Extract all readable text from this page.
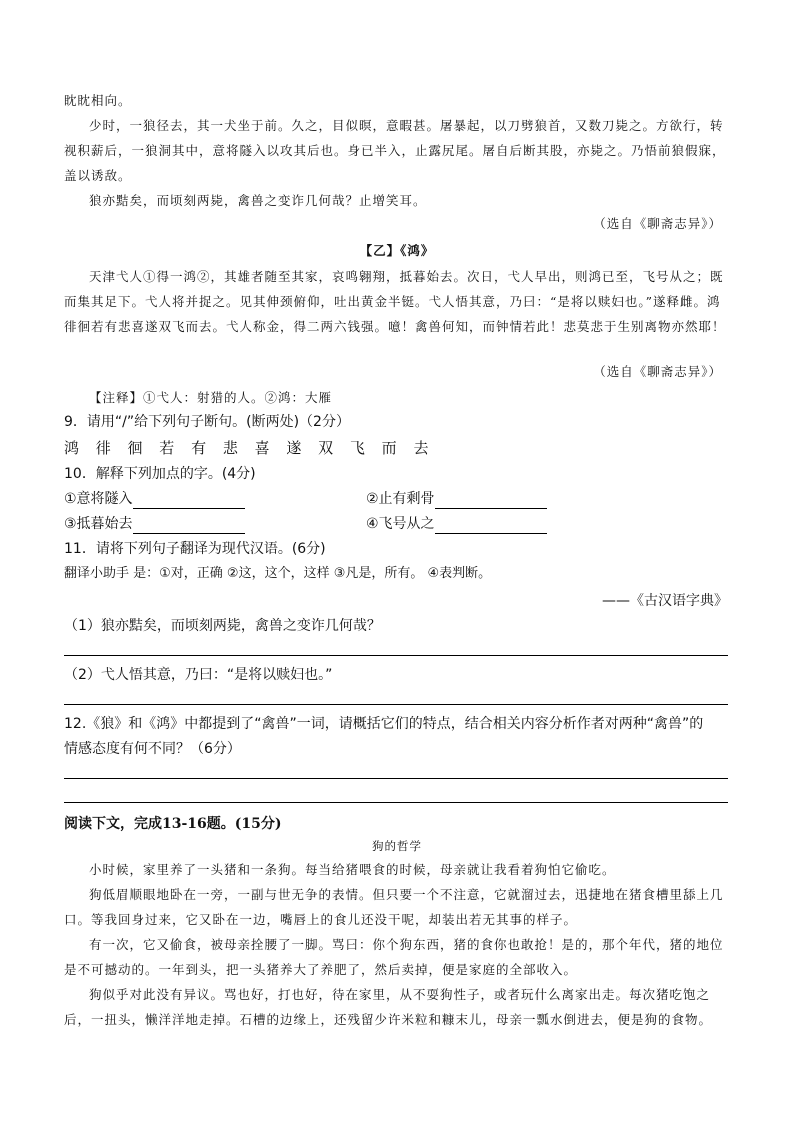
眈眈相向。

少时，一狼径去，其一犬坐于前。久之，目似暝，意暇甚。屠暴起，以刀劈狼首，又数刀毙之。方欲行，转视积薪后，一狼洞其中，意将隧入以攻其后也。身已半入，止露尻尾。屠自后断其股，亦毙之。乃悟前狼假寐，盖以诱敌。

狼亦黠矣，而顷刻两毙，禽兽之变诈几何哉？止增笑耳。

（选自《聊斋志异》）
【乙】《鸿》

天津弋人①得一鸿②，其雄者随至其家，哀鸣翱翔，抵暮始去。次日，弋人早出，则鸿已至，飞号从之；既而集其足下。弋人将并捉之。见其伸颈俯仰，吐出黄金半铤。弋人悟其意，乃曰：“是将以赎妇也。”遂释雌。鸿徘徊若有悲喜遂双飞而去。弋人称金，得二两六钱强。噫！禽兽何知，而钟情若此！悲莫悲于生别离物亦然耶！

（选自《聊斋志异》）

【注释】①弋人：射猎的人。②鸿：大雁

9．请用“/”给下列句子断句。(断两处)（2分）

鸿 徘 徊 若 有 悲 喜 遂 双 飞 而 去

10．解释下列加点的字。(4分)

①意将隧入	②止有剩骨
③抵暮始去	④飞号从之

11．请将下列句子翻译为现代汉语。(6分)

翻译小助手 是：①对，正确 ②这，这个，这样 ③凡是，所有。 ④表判断。

——《古汉语字典》

（1）狼亦黠矣，而顷刻两毙，禽兽之变诈几何哉？

（2）弋人悟其意，乃曰：“是将以赎妇也。”

12.《狼》和《鸿》中都提到了“禽兽”一词，请概括它们的特点，结合相关内容分析作者对两种“禽兽”的

情感态度有何不同？（6分）

阅读下文，完成13-16题。(15分)

狗的哲学

小时候，家里养了一头猪和一条狗。每当给猪喂食的时候，母亲就让我看着狗怕它偷吃。

狗低眉顺眼地卧在一旁，一副与世无争的表情。但只要一个不注意，它就溜过去，迅捷地在猪食槽里舔上几口。等我回身过来，它又卧在一边，嘴唇上的食儿还没干呢，却装出若无其事的样子。

有一次，它又偷食，被母亲拴腰了一脚。骂曰：你个狗东西，猪的食你也敢抢！是的，那个年代，猪的地位是不可撼动的。一年到头，把一头猪养大了养肥了，然后卖掉，便是家庭的全部收入。

狗似乎对此没有异议。骂也好，打也好，待在家里，从不耍狗性子，或者玩什么离家出走。每次猪吃饱之后，一扭头，懒洋洋地走掉。石槽的边缘上，还残留少许米粒和糠末儿，母亲一瓢水倒进去，便是狗的食物。
